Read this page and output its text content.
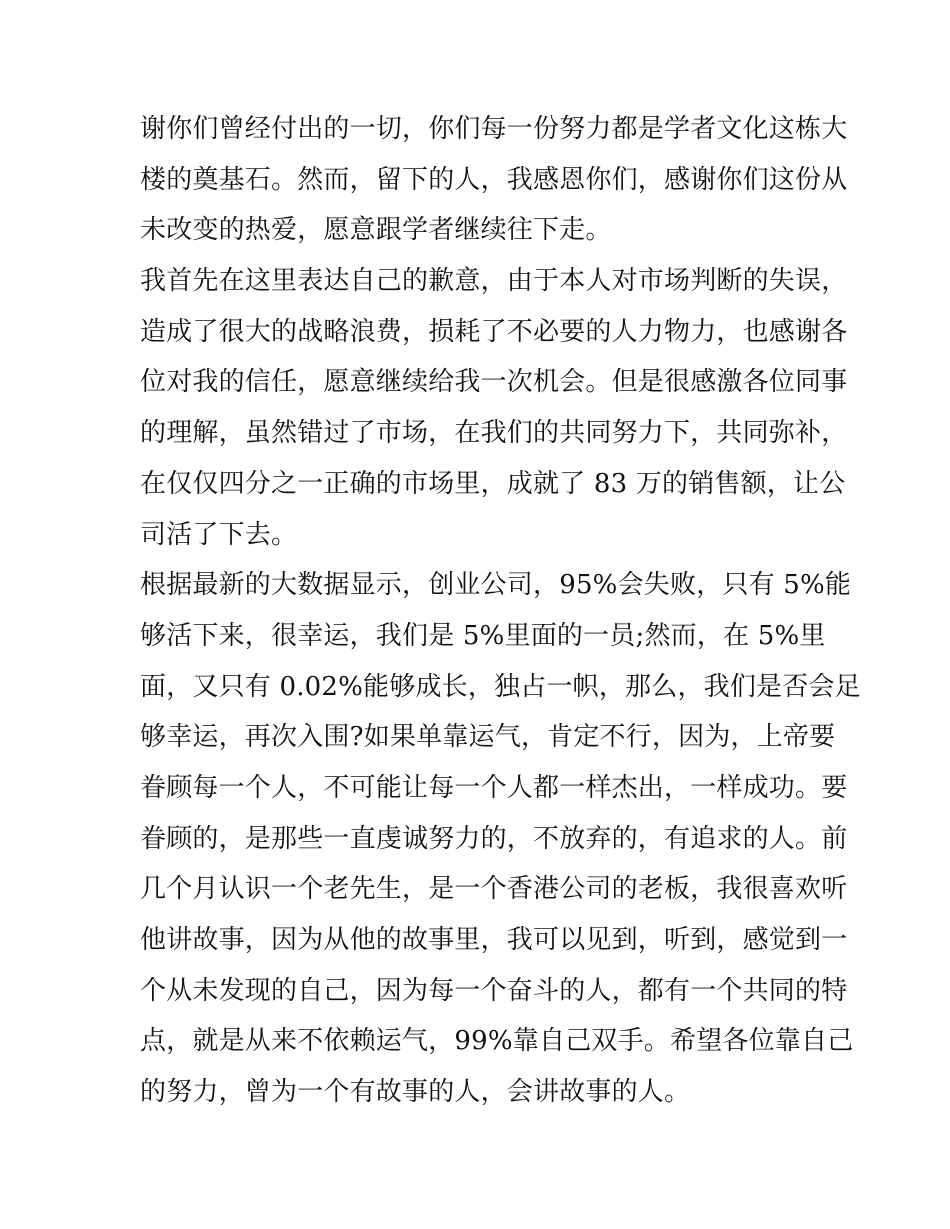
谢你们曾经付出的一切，你们每一份努力都是学者文化这栋大
楼的奠基石。然而，留下的人，我感恩你们，感谢你们这份从
未改变的热爱，愿意跟学者继续往下走。
我首先在这里表达自己的歉意，由于本人对市场判断的失误，
造成了很大的战略浪费，损耗了不必要的人力物力，也感谢各
位对我的信任，愿意继续给我一次机会。但是很感激各位同事
的理解，虽然错过了市场，在我们的共同努力下，共同弥补，
在仅仅四分之一正确的市场里，成就了 83 万的销售额，让公
司活了下去。
根据最新的大数据显示，创业公司，95%会失败，只有 5%能
够活下来，很幸运，我们是 5%里面的一员;然而，在 5%里
面，又只有 0.02%能够成长，独占一帜，那么，我们是否会足
够幸运，再次入围?如果单靠运气，肯定不行，因为，上帝要
眷顾每一个人，不可能让每一个人都一样杰出，一样成功。要
眷顾的，是那些一直虔诚努力的，不放弃的，有追求的人。前
几个月认识一个老先生，是一个香港公司的老板，我很喜欢听
他讲故事，因为从他的故事里，我可以见到，听到，感觉到一
个从未发现的自己，因为每一个奋斗的人，都有一个共同的特
点，就是从来不依赖运气，99%靠自己双手。希望各位靠自己
的努力，曾为一个有故事的人，会讲故事的人。
